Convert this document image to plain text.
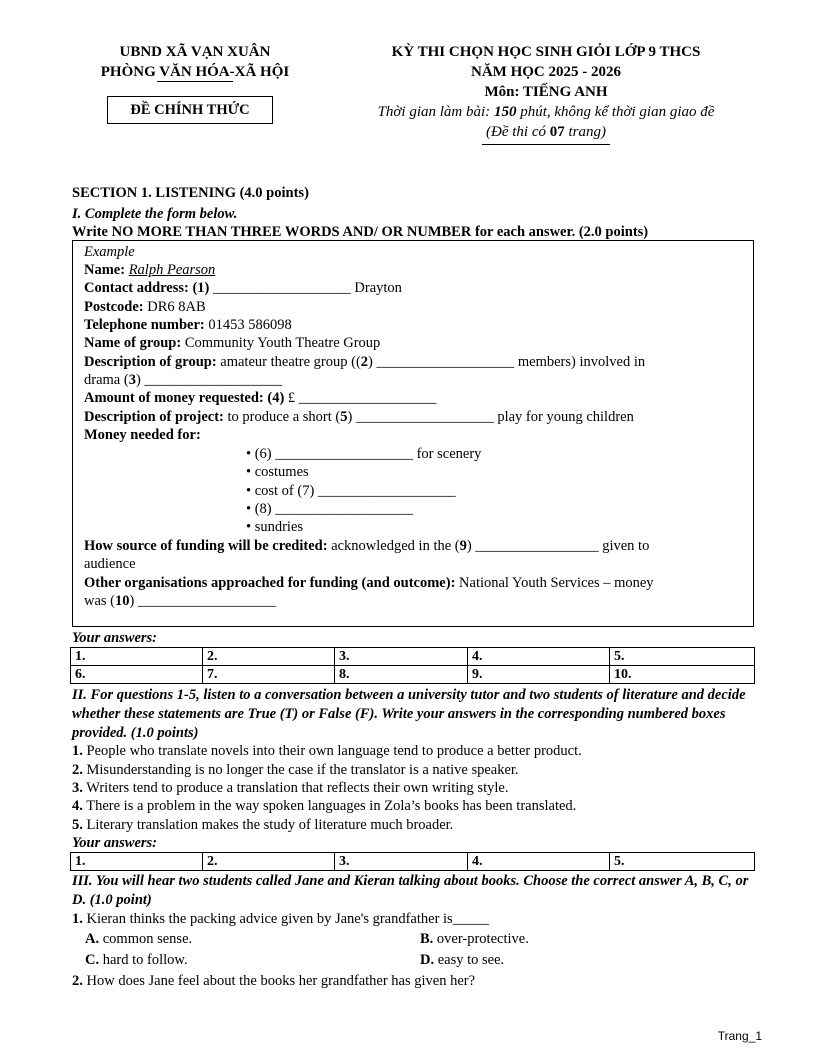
UBND XÃ VẠN XUÂN
PHÒNG VĂN HÓA-XÃ HỘI
ĐỀ CHÍNH THỨC
KỲ THI CHỌN HỌC SINH GIỎI LỚP 9 THCS
NĂM HỌC 2025 - 2026
Môn: TIẾNG ANH
Thời gian làm bài: 150 phút, không kể thời gian giao đề
(Đề thi có 07 trang)
SECTION 1. LISTENING (4.0 points)
I. Complete the form below.
Write NO MORE THAN THREE WORDS AND/ OR NUMBER for each answer. (2.0 points)
Example
Name: Ralph Pearson
Contact address: (1) ___________________ Drayton
Postcode: DR6 8AB
Telephone number: 01453 586098
Name of group: Community Youth Theatre Group
Description of group: amateur theatre group ((2) ___________________ members) involved in
drama (3) ___________________
Amount of money requested: (4) £ ___________________
Description of project: to produce a short (5) ___________________ play for young children
Money needed for:
• (6) ___________________ for scenery
• costumes
• cost of (7) ___________________
• (8) ___________________
• sundries
How source of funding will be credited: acknowledged in the (9) _________________ given to
audience
Other organisations approached for funding (and outcome): National Youth Services – money
was (10) ___________________
Your answers:
1.	2.	3.	4.	5.
6.	7.	8.	9.	10.
II. For questions 1-5, listen to a conversation between a university tutor and two students of literature and decide whether these statements are True (T) or False (F). Write your answers in the corresponding numbered boxes provided. (1.0 points)
1. People who translate novels into their own language tend to produce a better product.
2. Misunderstanding is no longer the case if the translator is a native speaker.
3. Writers tend to produce a translation that reflects their own writing style.
4. There is a problem in the way spoken languages in Zola’s books has been translated.
5. Literary translation makes the study of literature much broader.
Your answers:
1.	2.	3.	4.	5.
III. You will hear two students called Jane and Kieran talking about books. Choose the correct answer A, B, C, or D. (1.0 point)
1. Kieran thinks the packing advice given by Jane's grandfather is_____
A. common sense.	B. over-protective.
C. hard to follow.	D. easy to see.
2. How does Jane feel about the books her grandfather has given her?
Trang_1
